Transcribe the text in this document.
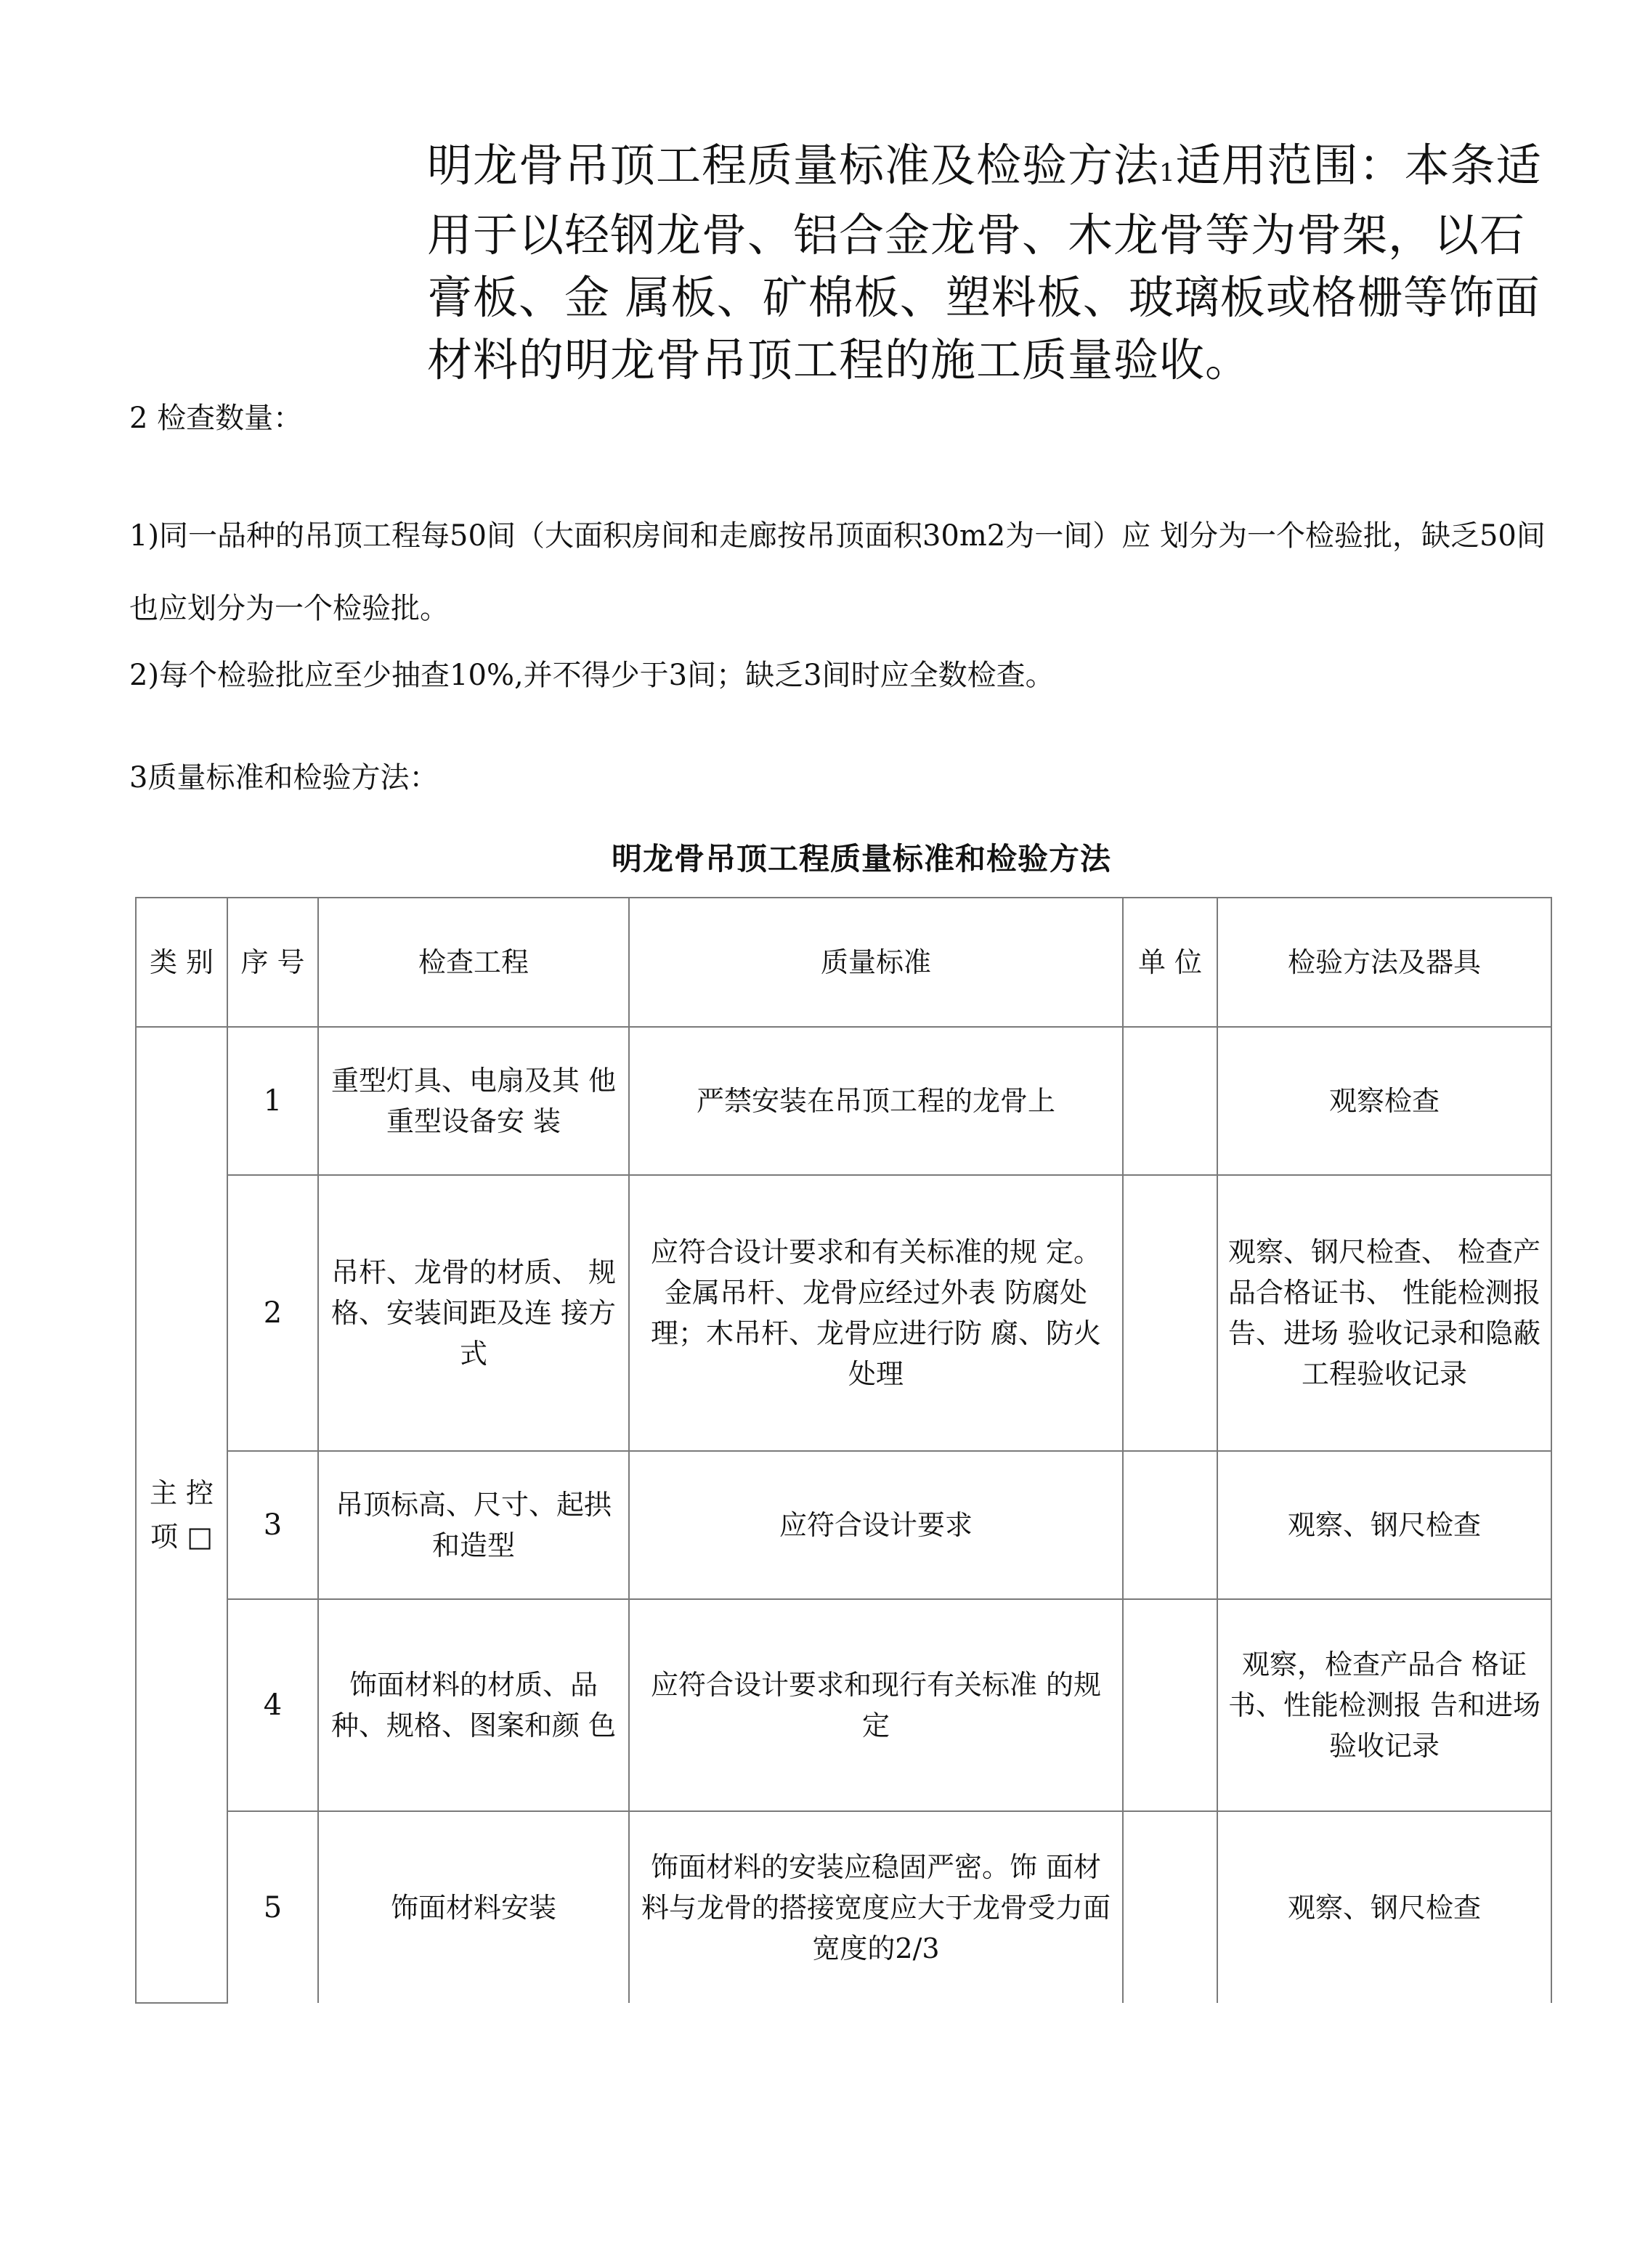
明龙骨吊顶工程质量标准及检验方法1适用范围：本条适用于以轻钢龙骨、铝合金龙骨、木龙骨等为骨架，以石膏板、金 属板、矿棉板、塑料板、玻璃板或格栅等饰面材料的明龙骨吊顶工程的施工质量验收。
2 检查数量：
1)同一品种的吊顶工程每50间（大面积房间和走廊按吊顶面积30m2为一间）应 划分为一个检验批，缺乏50间也应划分为一个检验批。
2)每个检验批应至少抽查10%,并不得少于3间；缺乏3间时应全数检查。
3质量标准和检验方法：
明龙骨吊顶工程质量标准和检验方法
类 别	序 号	检查工程	质量标准	单 位	检验方法及器具
主 控 项 □	1	重型灯具、电扇及其 他重型设备安 装	严禁安装在吊顶工程的龙骨上		观察检查
	2	吊杆、龙骨的材质、 规格、安装间距及连 接方式	应符合设计要求和有关标准的规 定。金属吊杆、龙骨应经过外表 防腐处理；木吊杆、龙骨应进行防 腐、防火处理		观察、钢尺检查、 检查产品合格证书、 性能检测报告、进场 验收记录和隐蔽工程验收记录
	3	吊顶标高、尺寸、起拱和造型	应符合设计要求		观察、钢尺检查
	4	饰面材料的材质、品种、规格、图案和颜 色	应符合设计要求和现行有关标准 的规定		观察，检查产品合 格证书、性能检测报 告和进场验收记录
	5	饰面材料安装	饰面材料的安装应稳固严密。饰 面材料与龙骨的搭接宽度应大于龙骨受力面宽度的2/3		观察、钢尺检查
